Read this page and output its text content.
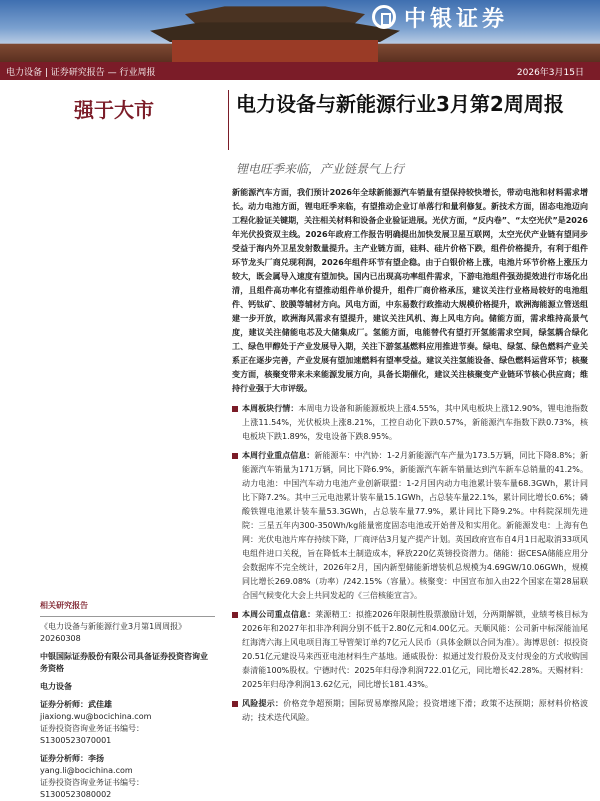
中银证券
电力设备 | 证券研究报告 — 行业周报	2026年3月15日
强于大市	电力设备与新能源行业3月第2周周报
锂电旺季来临，产业链景气上行

新能源汽车方面，我们预计2026年全球新能源汽车销量有望保持较快增长，带动电池和材料需求增长。动力电池方面，锂电旺季来临，有望推动企业订单落行和量利修复。新技术方面，固态电池迈向工程化验证关键期，关注相关材料和设备企业验证进展。光伏方面，“反内卷”、“太空光伏”是2026年光伏投资双主线。2026年政府工作报告明确提出加快发展卫星互联网，太空光伏产业链有望同步受益于海内外卫星发射数量提升。主产业链方面，硅料、硅片价格下跌，组件价格提升，有利于组件环节龙头厂商兑现利润，2026年组件环节有望企稳。由于白银价格上涨，电池片环节价格上涨压力较大，既会属导入速度有望加快。国内已出现高功率组件需求，下游电池组件强劲提效进行市场化出清，且组件高功率化有望推动组件单价提升，组件厂商价格承压，建议关注行业格局较好的电池组件、钙钛矿、胶膜等辅材方向。风电方面，中东易数行政推动大规模价格提升，欧洲海能源立管送组建一步开放，欧洲海风需求有望提升，建议关注风机、海上风电方向。储能方面，需求维持高景气度，建议关注储能电芯及大储集成厂。氢能方面，电能替代有望打开氢能需求空间，绿氢耦合绿化工、绿色甲醇处于产业发展导入期，关注下游氢基燃料应用推进节奏。绿电、绿氢、绿色燃料产业关系正在逐步完善，产业发展有望加速燃料有望率受益。建议关注氢能设备、绿色燃料运营环节；核聚变方面，核聚变带来未来能源发展方向，具备长期催化，建议关注核聚变产业链环节核心供应商；维持行业强于大市评级。

本周板块行情：本周电力设备和新能源板块上涨4.55%，其中风电板块上涨12.90%，锂电池指数上涨11.54%，光伏板块上涨8.21%，工控自动化下跌0.57%，新能源汽车指数下跌0.73%，核电板块下跌1.89%，发电设备下跌8.95%。
本周行业重点信息：新能源车：中汽协：1-2月新能源汽车产量为173.5万辆，同比下降8.8%；新能源汽车销量为171万辆，同比下降6.9%，新能源汽车新车销量达到汽车新车总销量的41.2%。动力电池：中国汽车动力电池产业创新联盟：1-2月国内动力电池累计装车量68.3GWh，累计同比下降7.2%。其中三元电池累计装车量15.1GWh，占总装车量22.1%，累计同比增长0.6%；磷酸铁锂电池累计装车量53.3GWh，占总装车量77.9%，累计同比下降9.2%。中科院深圳先进院：三星五年内300-350Wh/kg能量密度固态电池或开始普及和实用化。新能源发电：上海有色网：光伏电池片库存持续下降，厂商评估3月复产提产计划。英国政府宣布自4月1日起取消33项风电组件进口关税，旨在降低本土制造成本，释放220亿英镑投资潜力。储能：据CESA储能应用分会数据库不完全统计，2026年2月，国内新型储能新增装机总规模为4.69GW/10.06GWh，规模同比增长269.08%（功率）/242.15%（容量）。核聚变：中国宣布加入由22个国家在第28届联合国气候变化大会上共同发起的《三倍核能宣言》。
本周公司重点信息：莱源精工：拟推2026年限制性股票激励计划，分两期解锁，业绩考核目标为2026年和2027年扣非净利润分别不低于2.80亿元和4.00亿元。天顺风能：公司新中标深能汕尾红海湾六海上风电项目海工导管架订单约7亿元人民币（具体金额以合同为准）。海博思创：拟投资20.51亿元建设马来西亚电池材料生产基地。通威股份：拟通过发行股份及支付现金的方式收购国泰清能100%股权。宁德时代：2025年归母净利润722.01亿元，同比增长42.28%。天赐材料：2025年归母净利润13.62亿元，同比增长181.43%。
风险提示：价格竞争超预期；国际贸易摩擦风险；投资增速下滑；政策不达预期；原材料价格波动；技术迭代风险。
相关研究报告
《电力设备与新能源行业3月第1周周报》20260308
中银国际证券股份有限公司具备证券投资咨询业务资格
电力设备
证券分析师：武佳雄
jiaxiong.wu@bocichina.com
证券投资咨询业务证书编号：S1300523070001
证券分析师：李扬
yang.li@bocichina.com
证券投资咨询业务证书编号：S1300523080002
